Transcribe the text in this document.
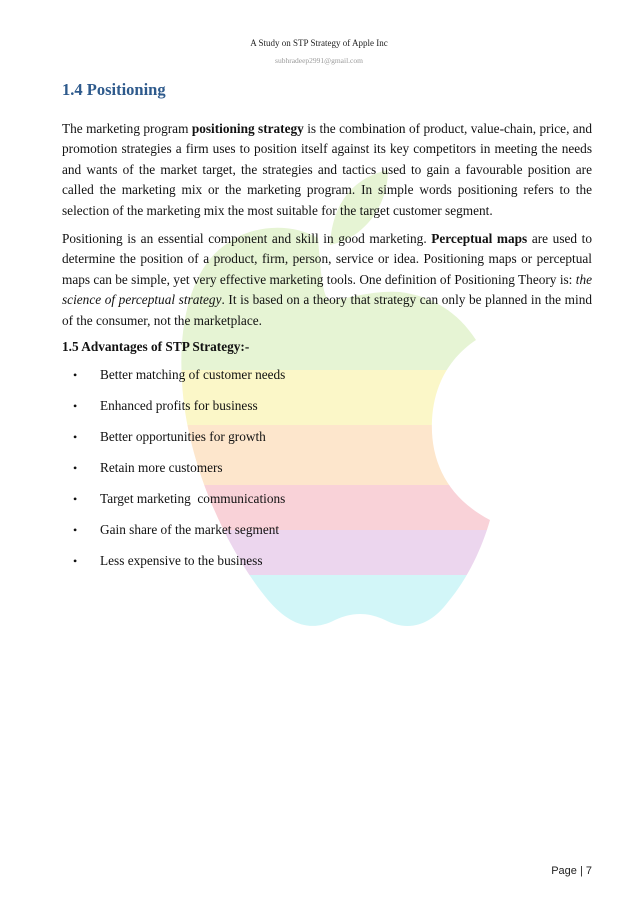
A Study on STP Strategy of Apple Inc
subhradeep2991@gmail.com
1.4 Positioning

The marketing program positioning strategy is the combination of product, value-chain, price, and promotion strategies a firm uses to position itself against its key competitors in meeting the needs and wants of the market target, the strategies and tactics used to gain a favourable position are called the marketing mix or the marketing program. In simple words positioning refers to the selection of the marketing mix the most suitable for the target customer segment.

Positioning is an essential component and skill in good marketing. Perceptual maps are used to determine the position of a product, firm, person, service or idea. Positioning maps or perceptual maps can be simple, yet very effective marketing tools. One definition of Positioning Theory is: the science of perceptual strategy. It is based on a theory that strategy can only be planned in the mind of the consumer, not the marketplace.

1.5 Advantages of STP Strategy:-
• Better matching of customer needs
• Enhanced profits for business
• Better opportunities for growth
• Retain more customers
• Target marketing  communications
• Gain share of the market segment
• Less expensive to the business
Page | 7
